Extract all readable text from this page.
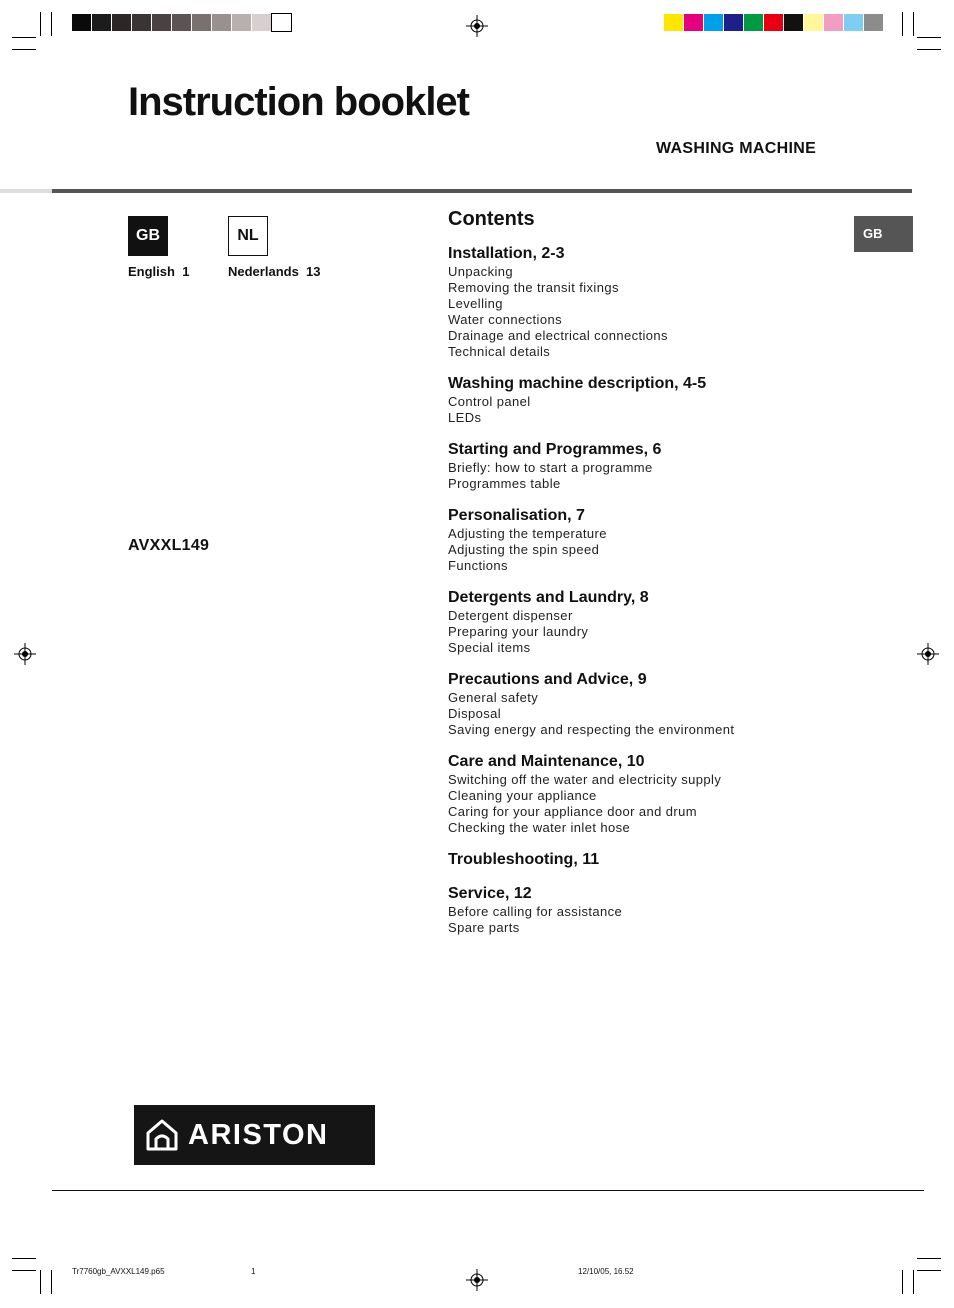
Instruction booklet
WASHING MACHINE
GB
English 1
NL
Nederlands 13
AVXXL149
GB
Contents
Installation, 2-3
Unpacking
Removing the transit fixings
Levelling
Water connections
Drainage and electrical connections
Technical details
Washing machine description, 4-5
Control panel
LEDs
Starting and Programmes, 6
Briefly: how to start a programme
Programmes table
Personalisation, 7
Adjusting the temperature
Adjusting the spin speed
Functions
Detergents and Laundry, 8
Detergent dispenser
Preparing your laundry
Special items
Precautions and Advice, 9
General safety
Disposal
Saving energy and respecting the environment
Care and Maintenance, 10
Switching off the water and electricity supply
Cleaning your appliance
Caring for your appliance door and drum
Checking the water inlet hose
Troubleshooting, 11
Service, 12
Before calling for assistance
Spare parts
ARISTON
Tr7760gb_AVXXL149.p65	1	12/10/05, 16.52
